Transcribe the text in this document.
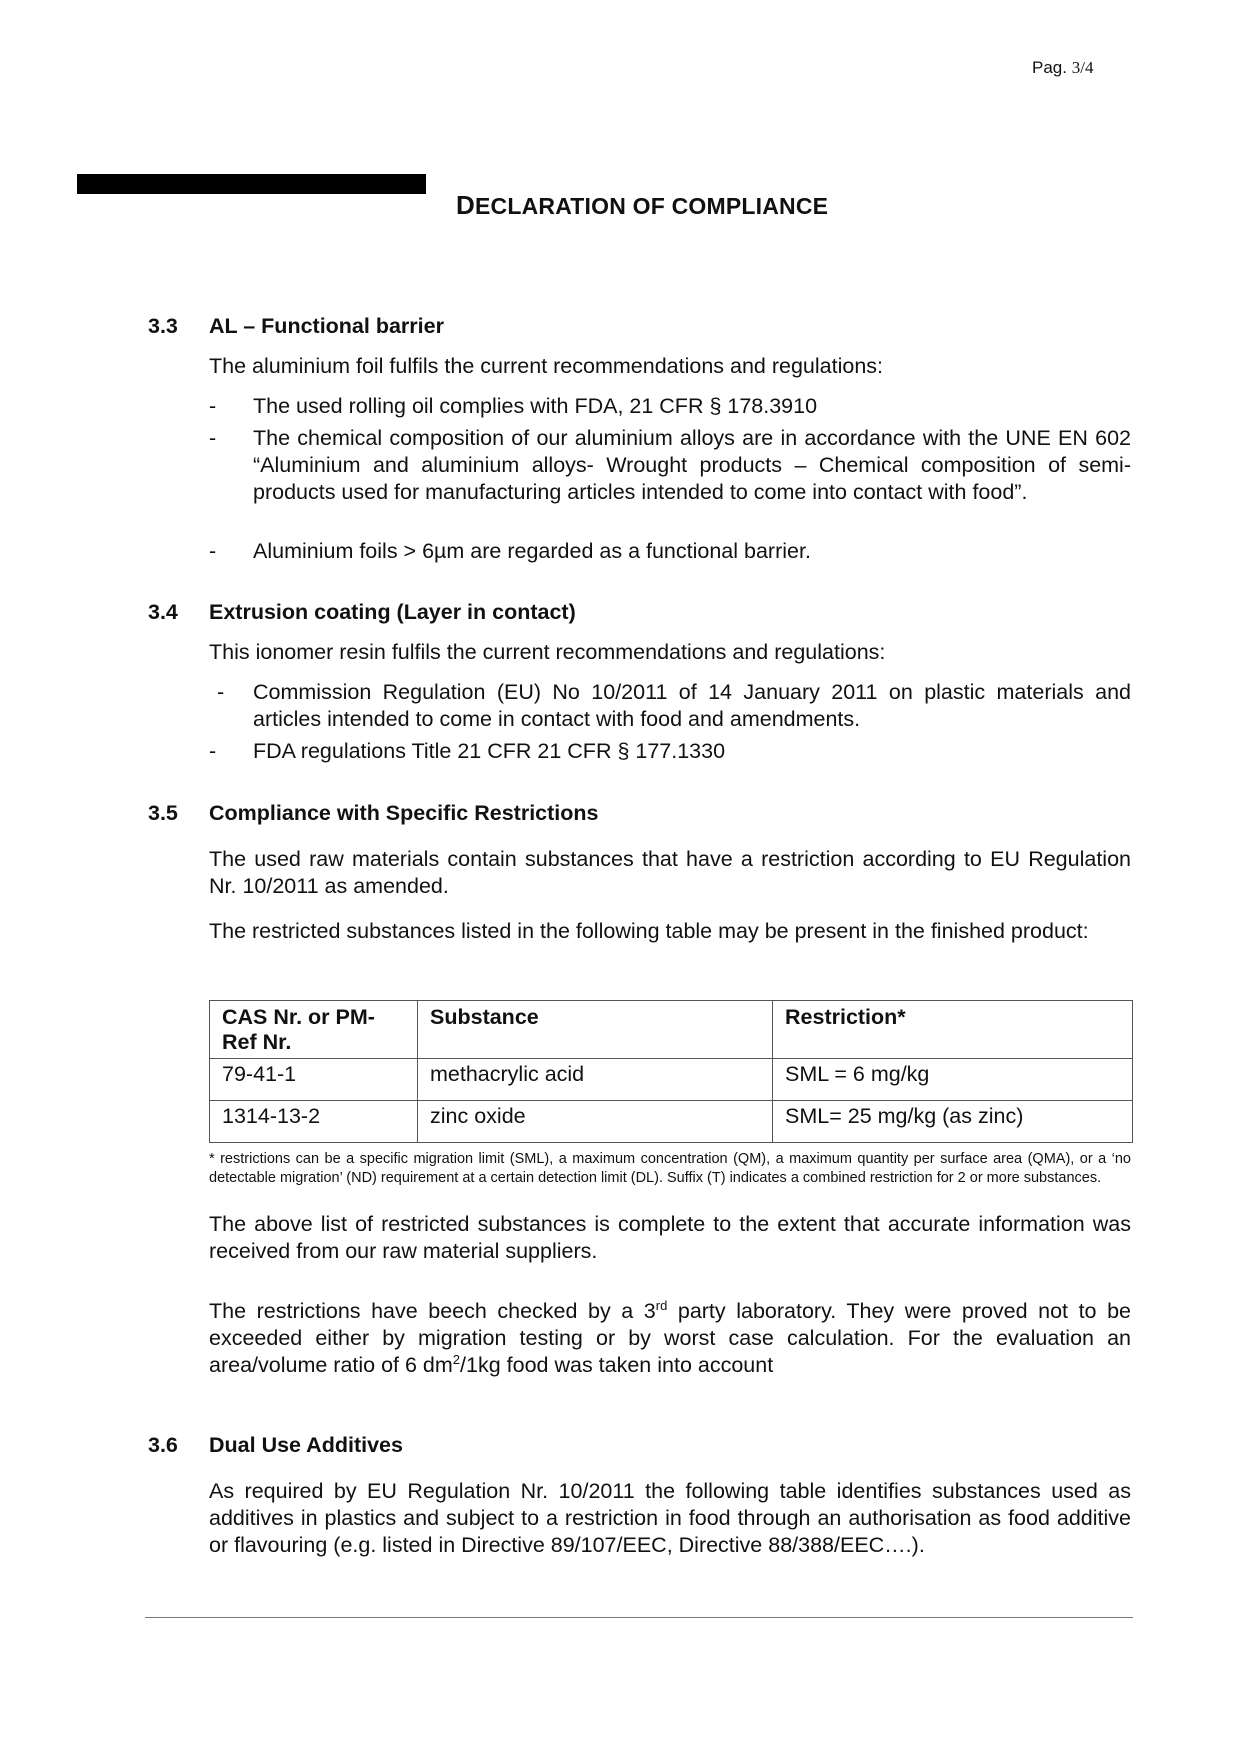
Pag. 3/4
DECLARATION OF COMPLIANCE
3.3 AL – Functional barrier
The aluminium foil fulfils the current recommendations and regulations:
- The used rolling oil complies with FDA, 21 CFR § 178.3910
- The chemical composition of our aluminium alloys are in accordance with the UNE EN 602 “Aluminium and aluminium alloys- Wrought products – Chemical composition of semi-products used for manufacturing articles intended to come into contact with food”.
- Aluminium foils > 6µm are regarded as a functional barrier.
3.4 Extrusion coating (Layer in contact)
This ionomer resin fulfils the current recommendations and regulations:
- Commission Regulation (EU) No 10/2011 of 14 January 2011 on plastic materials and articles intended to come in contact with food and amendments.
- FDA regulations Title 21 CFR 21 CFR § 177.1330
3.5 Compliance with Specific Restrictions
The used raw materials contain substances that have a restriction according to EU Regulation Nr. 10/2011 as amended.
The restricted substances listed in the following table may be present in the finished product:
CAS Nr. or PM-Ref Nr.	Substance	Restriction*
79-41-1	methacrylic acid	SML = 6 mg/kg
1314-13-2	zinc oxide	SML= 25 mg/kg (as zinc)
* restrictions can be a specific migration limit (SML), a maximum concentration (QM), a maximum quantity per surface area (QMA), or a ‘no detectable migration’ (ND) requirement at a certain detection limit (DL). Suffix (T) indicates a combined restriction for 2 or more substances.
The above list of restricted substances is complete to the extent that accurate information was received from our raw material suppliers.
The restrictions have beech checked by a 3rd party laboratory. They were proved not to be exceeded either by migration testing or by worst case calculation. For the evaluation an area/volume ratio of 6 $dm^2/1kg$ food was taken into account
3.6 Dual Use Additives
As required by EU Regulation Nr. 10/2011 the following table identifies substances used as additives in plastics and subject to a restriction in food through an authorisation as food additive or flavouring (e.g. listed in Directive 89/107/EEC, Directive 88/388/EEC….).
